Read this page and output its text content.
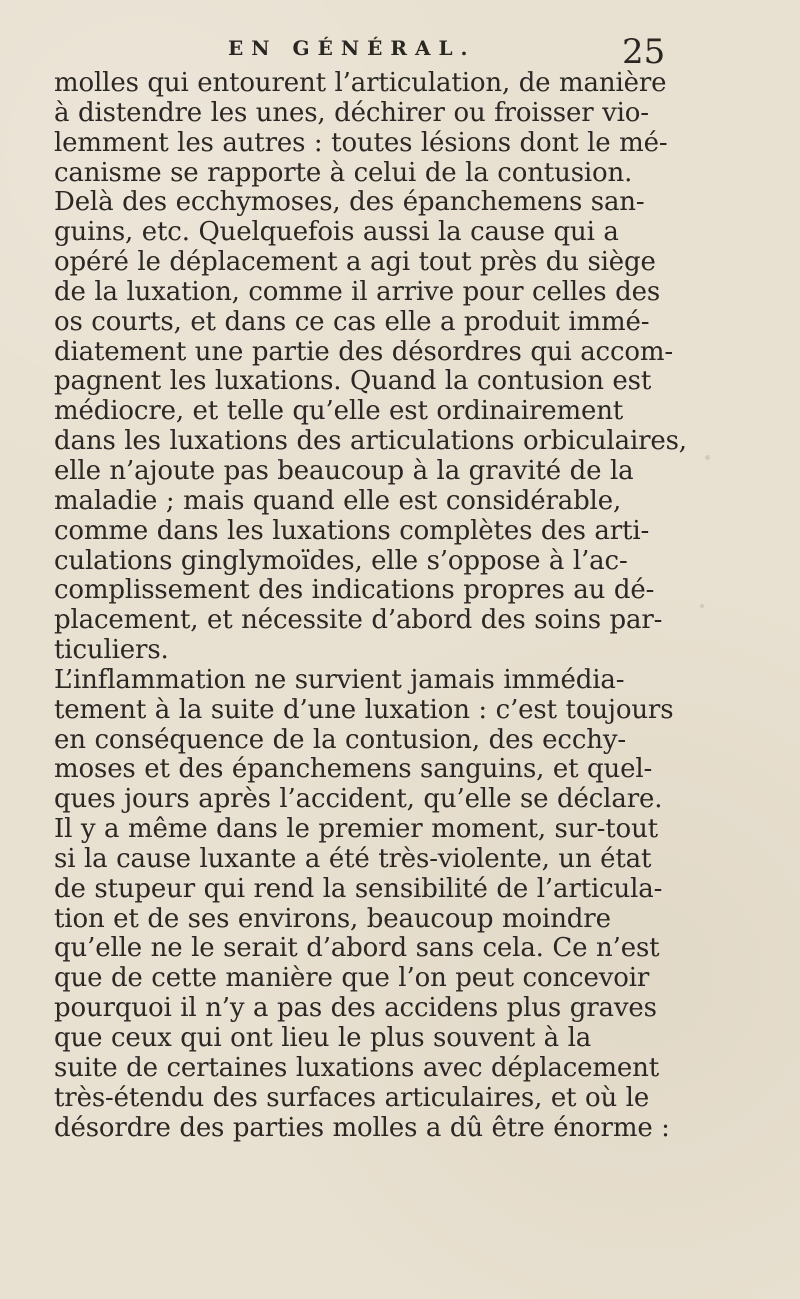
EN GÉNÉRAL.	25
molles qui entourent l’articulation, de manière
à distendre les unes, déchirer ou froisser vio-
lemment les autres : toutes lésions dont le mé-
canisme se rapporte à celui de la contusion.
Delà des ecchymoses, des épanchemens san-
guins, etc. Quelquefois aussi la cause qui a
opéré le déplacement a agi tout près du siège
de la luxation, comme il arrive pour celles des
os courts, et dans ce cas elle a produit immé-
diatement une partie des désordres qui accom-
pagnent les luxations. Quand la contusion est
médiocre, et telle qu’elle est ordinairement
dans les luxations des articulations orbiculaires,
elle n’ajoute pas beaucoup à la gravité de la
maladie ; mais quand elle est considérable,
comme dans les luxations complètes des arti-
culations ginglymoïdes, elle s’oppose à l’ac-
complissement des indications propres au dé-
placement, et nécessite d’abord des soins par-
ticuliers.
L’inflammation ne survient jamais immédia-
tement à la suite d’une luxation : c’est toujours
en conséquence de la contusion, des ecchy-
moses et des épanchemens sanguins, et quel-
ques jours après l’accident, qu’elle se déclare.
Il y a même dans le premier moment, sur-tout
si la cause luxante a été très-violente, un état
de stupeur qui rend la sensibilité de l’articula-
tion et de ses environs, beaucoup moindre
qu’elle ne le serait d’abord sans cela. Ce n’est
que de cette manière que l’on peut concevoir
pourquoi il n’y a pas des accidens plus graves
que ceux qui ont lieu le plus souvent à la
suite de certaines luxations avec déplacement
très-étendu des surfaces articulaires, et où le
désordre des parties molles a dû être énorme :
